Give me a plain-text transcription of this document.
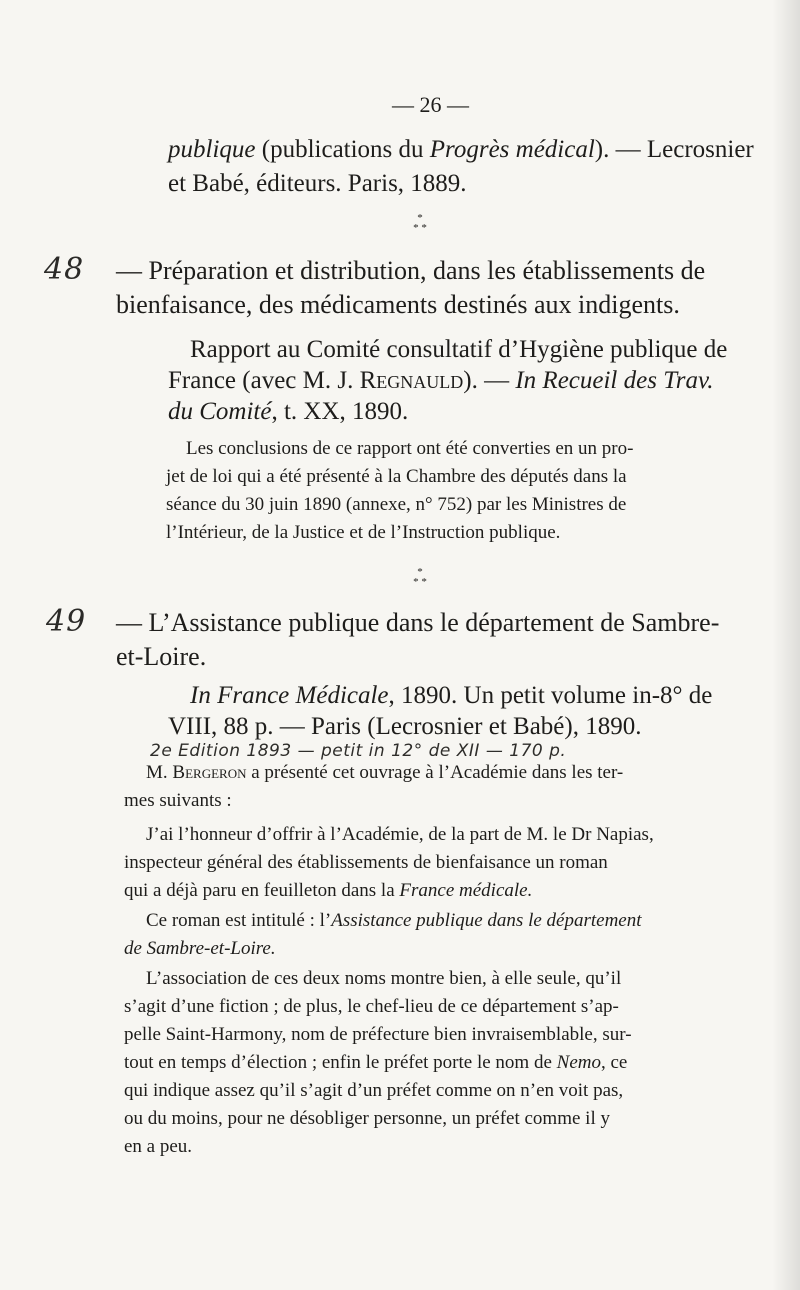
— 26 —
publique (publications du Progrès médical). — Lecrosnier
et Babé, éditeurs. Paris, 1889.
*
* *
48 — Préparation et distribution, dans les établissements de
bienfaisance, des médicaments destinés aux indigents.
Rapport au Comité consultatif d’Hygiène publique de
France (avec M. J. Regnauld). — In Recueil des Trav.
du Comité, t. XX, 1890.
Les conclusions de ce rapport ont été converties en un pro-
jet de loi qui a été présenté à la Chambre des députés dans la
séance du 30 juin 1890 (annexe, n° 752) par les Ministres de
l’Intérieur, de la Justice et de l’Instruction publique.
*
* *
49 — L’Assistance publique dans le département de Sambre-
et-Loire.
In France Médicale, 1890. Un petit volume in-8° de
VIII, 88 p. — Paris (Lecrosnier et Babé), 1890.
2e Edition 1893 — petit in 12° de XII — 170 p.
M. Bergeron a présenté cet ouvrage à l’Académie dans les ter-
mes suivants :
J’ai l’honneur d’offrir à l’Académie, de la part de M. le Dr Napias,
inspecteur général des établissements de bienfaisance un roman
qui a déjà paru en feuilleton dans la France médicale.
Ce roman est intitulé : l’Assistance publique dans le département
de Sambre-et-Loire.
L’association de ces deux noms montre bien, à elle seule, qu’il
s’agit d’une fiction ; de plus, le chef-lieu de ce département s’ap-
pelle Saint-Harmony, nom de préfecture bien invraisemblable, sur-
tout en temps d’élection ; enfin le préfet porte le nom de Nemo, ce
qui indique assez qu’il s’agit d’un préfet comme on n’en voit pas,
ou du moins, pour ne désobliger personne, un préfet comme il y
en a peu.
